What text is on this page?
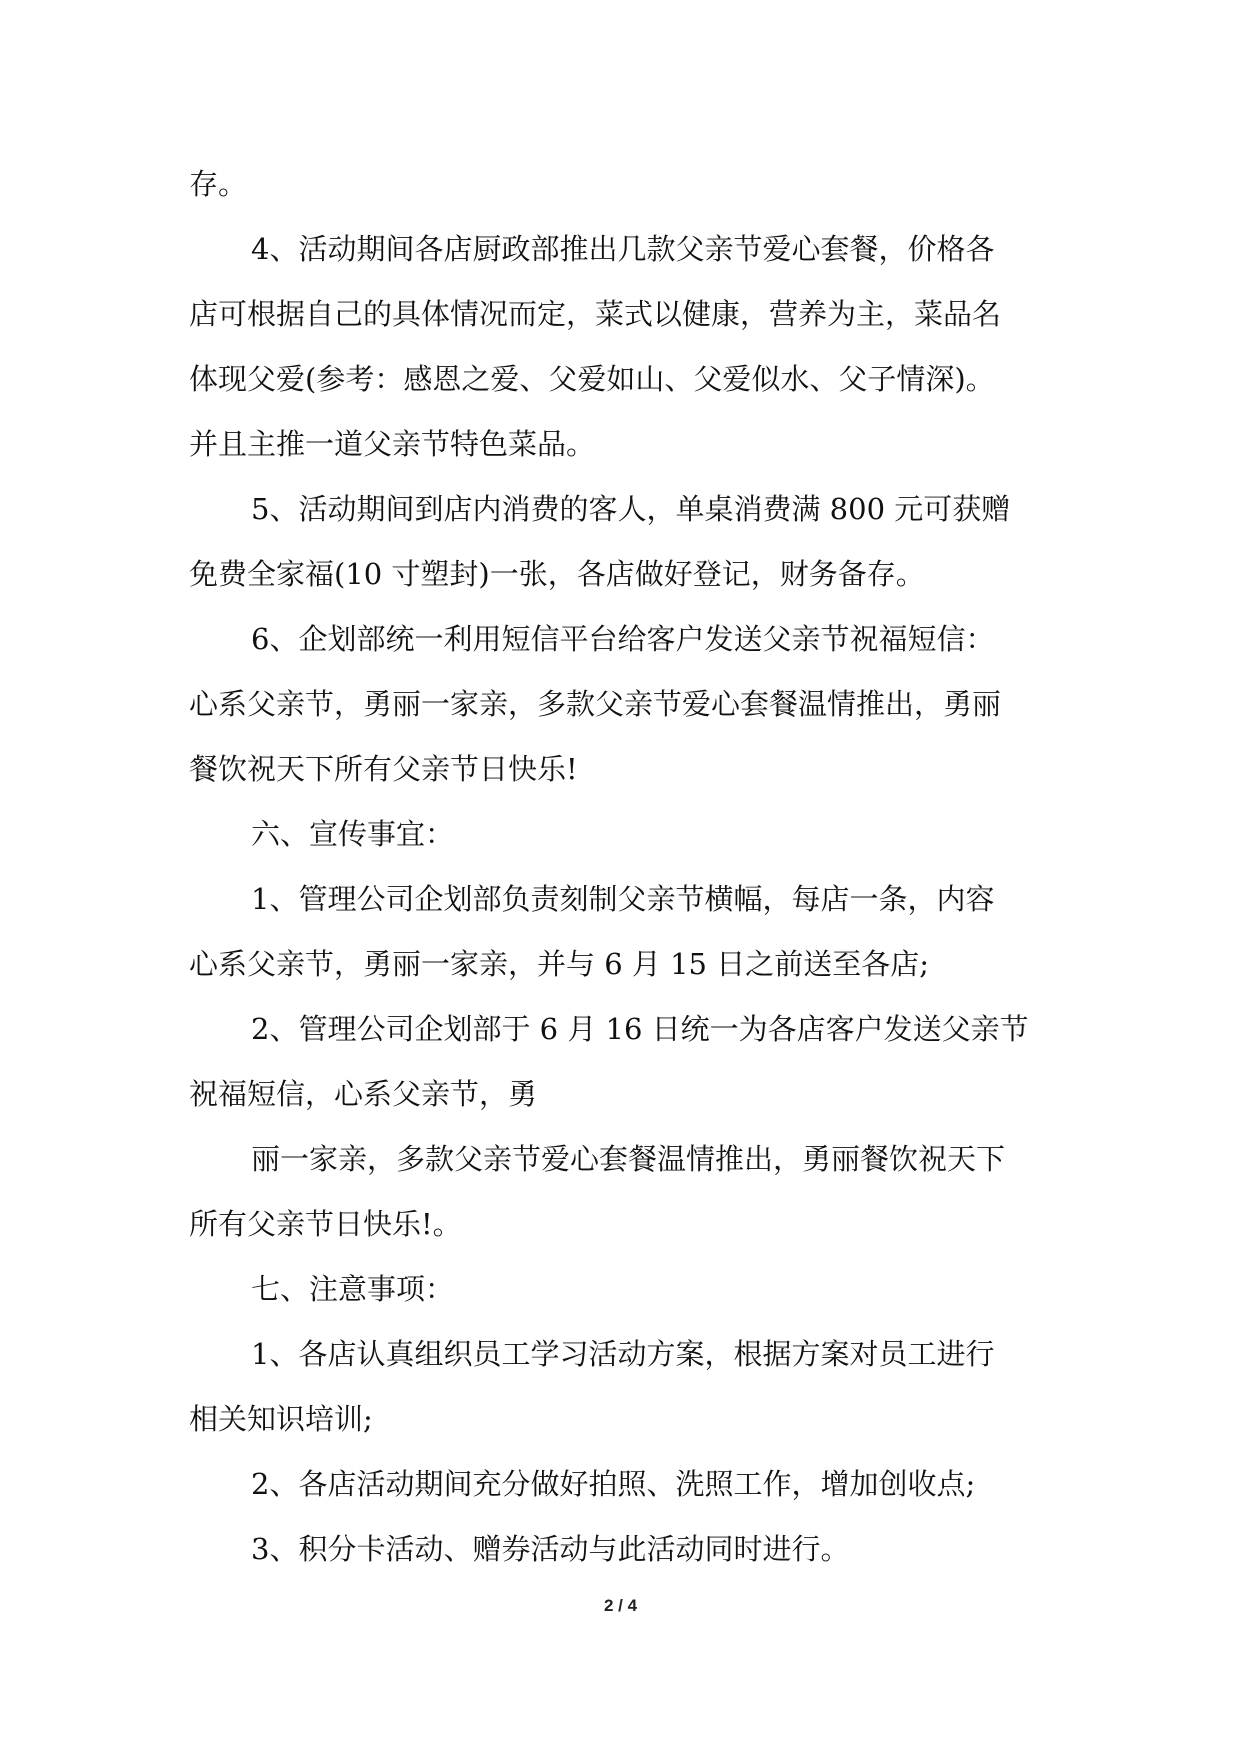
存。
4、活动期间各店厨政部推出几款父亲节爱心套餐，价格各
店可根据自己的具体情况而定，菜式以健康，营养为主，菜品名
体现父爱(参考：感恩之爱、父爱如山、父爱似水、父子情深)。
并且主推一道父亲节特色菜品。
5、活动期间到店内消费的客人，单桌消费满 800 元可获赠
免费全家福(10 寸塑封)一张，各店做好登记，财务备存。
6、企划部统一利用短信平台给客户发送父亲节祝福短信：
心系父亲节，勇丽一家亲，多款父亲节爱心套餐温情推出，勇丽
餐饮祝天下所有父亲节日快乐!
六、宣传事宜：
1、管理公司企划部负责刻制父亲节横幅，每店一条，内容
心系父亲节，勇丽一家亲，并与 6 月 15 日之前送至各店;
2、管理公司企划部于 6 月 16 日统一为各店客户发送父亲节
祝福短信，心系父亲节，勇
丽一家亲，多款父亲节爱心套餐温情推出，勇丽餐饮祝天下
所有父亲节日快乐!。
七、注意事项：
1、各店认真组织员工学习活动方案，根据方案对员工进行
相关知识培训;
2、各店活动期间充分做好拍照、洗照工作，增加创收点;
3、积分卡活动、赠券活动与此活动同时进行。
2 / 4
